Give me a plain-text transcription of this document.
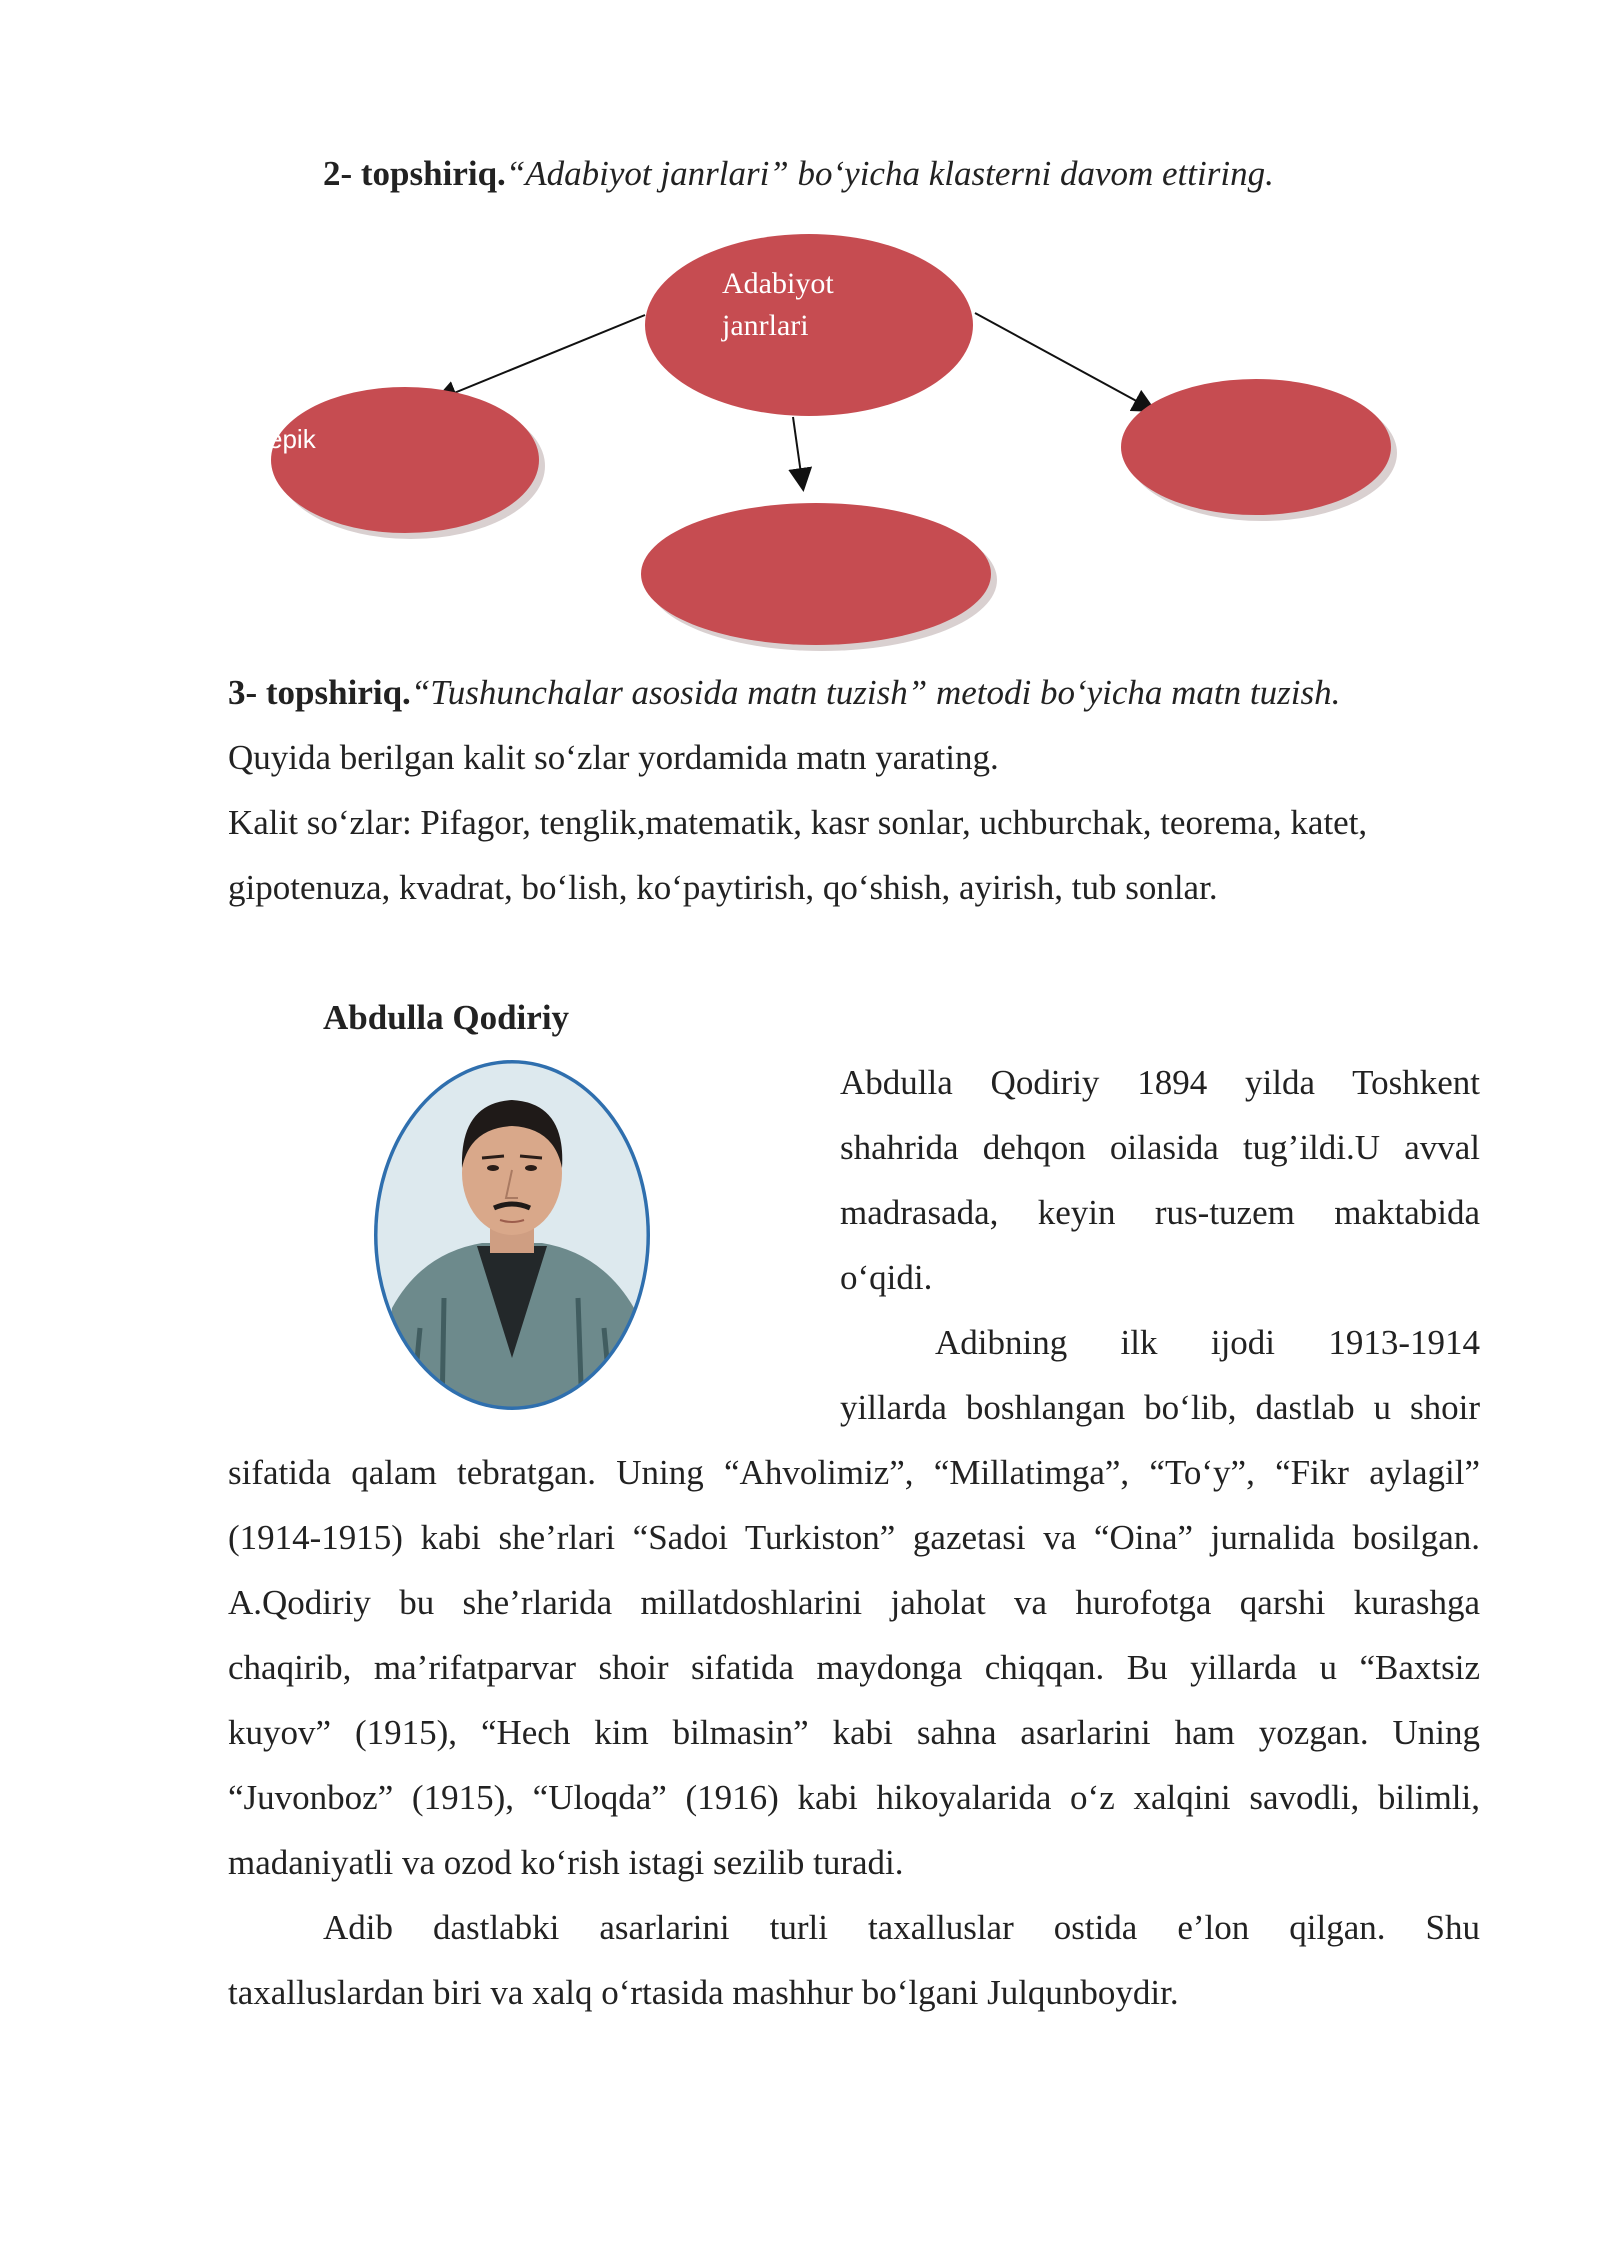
2- topshiriq.“Adabiyot janrlari” bo‘yicha klasterni davom ettiring.

Adabiyot
janrlari
epik

3- topshiriq.“Tushunchalar asosida matn tuzish” metodi bo‘yicha matn tuzish.

Quyida berilgan kalit so‘zlar yordamida matn yarating.

Kalit so‘zlar: Pifagor, tenglik,matematik, kasr sonlar, uchburchak, teorema, katet,

gipotenuza, kvadrat, bo‘lish, ko‘paytirish, qo‘shish, ayirish, tub sonlar.

Abdulla Qodiriy

Abdulla Qodiriy 1894 yilda Toshkent

shahrida dehqon oilasida tug’ildi.U avval

madrasada, keyin rus-tuzem maktabida

o‘qidi.

Adibning ilk ijodi 1913-1914

yillarda boshlangan bo‘lib, dastlab u shoir

sifatida qalam tebratgan. Uning “Ahvolimiz”, “Millatimga”, “To‘y”, “Fikr aylagil”

(1914-1915) kabi she’rlari “Sadoi Turkiston” gazetasi va “Oina” jurnalida bosilgan.

A.Qodiriy bu she’rlarida millatdoshlarini jaholat va hurofotga qarshi kurashga

chaqirib, ma’rifatparvar shoir sifatida maydonga chiqqan. Bu yillarda u “Baxtsiz

kuyov” (1915), “Hech kim bilmasin” kabi sahna asarlarini ham yozgan. Uning

“Juvonboz” (1915), “Uloqda” (1916) kabi hikoyalarida o‘z xalqini savodli, bilimli,

madaniyatli va ozod ko‘rish istagi sezilib turadi.

Adib dastlabki asarlarini turli taxalluslar ostida e’lon qilgan. Shu

taxalluslardan biri va xalq o‘rtasida mashhur bo‘lgani Julqunboydir.
